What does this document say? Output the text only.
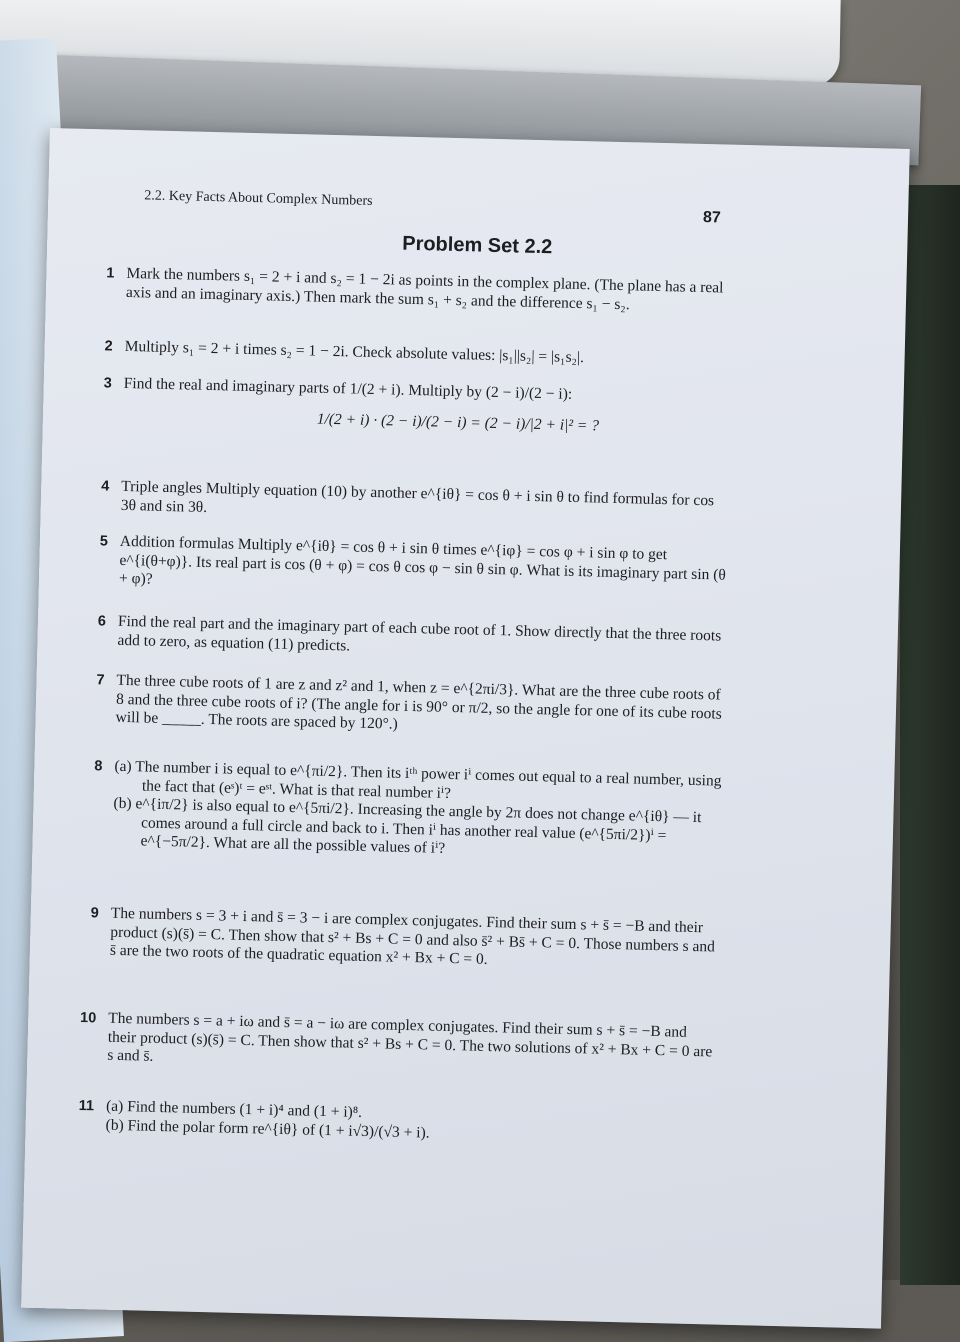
2.2. Key Facts About Complex Numbers
87
Problem Set 2.2
1 Mark the numbers s₁ = 2 + i and s₂ = 1 − 2i as points in the complex plane. (The plane has a real axis and an imaginary axis.) Then mark the sum s₁ + s₂ and the difference s₁ − s₂.

2 Multiply s₁ = 2 + i times s₂ = 1 − 2i. Check absolute values: |s₁||s₂| = |s₁s₂|.

3 Find the real and imaginary parts of 1/(2 + i). Multiply by (2 − i)/(2 − i):

1/(2 + i) · (2 − i)/(2 − i) = (2 − i)/|2 + i|² = ?
4 Triple angles Multiply equation (10) by another e^{iθ} = cos θ + i sin θ to find formulas for cos 3θ and sin 3θ.

5 Addition formulas Multiply e^{iθ} = cos θ + i sin θ times e^{iφ} = cos φ + i sin φ to get e^{i(θ+φ)}. Its real part is cos (θ + φ) = cos θ cos φ − sin θ sin φ. What is its imaginary part sin (θ + φ)?

6 Find the real part and the imaginary part of each cube root of 1. Show directly that the three roots add to zero, as equation (11) predicts.

7 The three cube roots of 1 are z and z² and 1, when z = e^{2πi/3}. What are the three cube roots of 8 and the three cube roots of i? (The angle for i is 90° or π/2, so the angle for one of its cube roots will be _____. The roots are spaced by 120°.)

8 (a) The number i is equal to e^{πi/2}. Then its iᵗʰ power iⁱ comes out equal to a real number, using the fact that (eˢ)ᵗ = eˢᵗ. What is that real number iⁱ?

(b) e^{iπ/2} is also equal to e^{5πi/2}. Increasing the angle by 2π does not change e^{iθ} — it comes around a full circle and back to i. Then iⁱ has another real value (e^{5πi/2})ⁱ = e^{−5π/2}. What are all the possible values of iⁱ?

9 The numbers s = 3 + i and s̄ = 3 − i are complex conjugates. Find their sum s + s̄ = −B and their product (s)(s̄) = C. Then show that s² + Bs + C = 0 and also s̄² + Bs̄ + C = 0. Those numbers s and s̄ are the two roots of the quadratic equation x² + Bx + C = 0.

10 The numbers s = a + iω and s̄ = a − iω are complex conjugates. Find their sum s + s̄ = −B and their product (s)(s̄) = C. Then show that s² + Bs + C = 0. The two solutions of x² + Bx + C = 0 are s and s̄.

11 (a) Find the numbers (1 + i)⁴ and (1 + i)⁸.

(b) Find the polar form re^{iθ} of (1 + i√3)/(√3 + i).
